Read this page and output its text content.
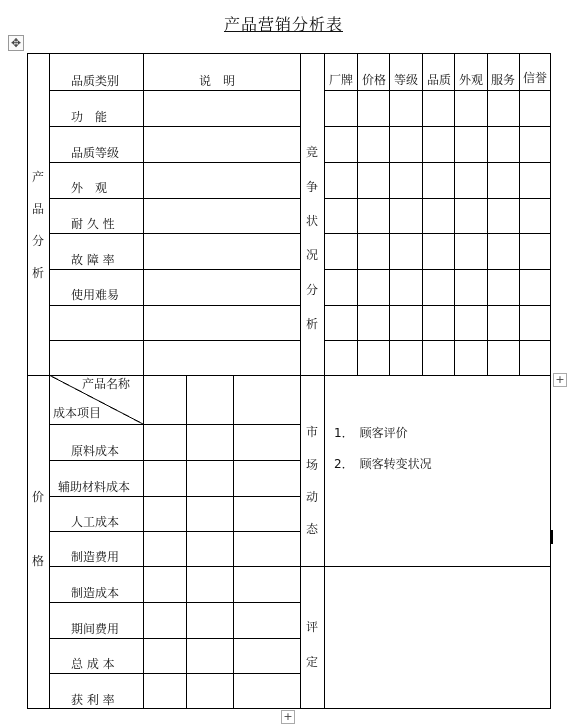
产品营销分析表
✥
产
品
分
析
价
格
品质类别	说　明
功　能
品质等级
外　观
耐 久 性
故 障 率
使用难易
竞
争
状
况
分
析
厂牌 价格 等级 品质 外观 服务 信誉
产品名称
成本项目
原料成本
辅助材料成本
人工成本
制造费用
制造成本
期间费用
总 成 本
获 利 率
市
场
动
态
1．　顾客评价
2．　顾客转变状况
评
定
+
+
